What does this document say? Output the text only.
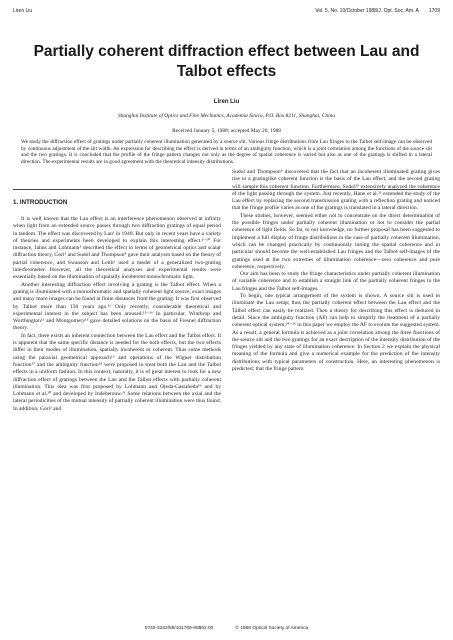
Liren Liu	Vol. 5, No. 10/October 1988/J. Opt. Soc. Am. A 1709
Partially coherent diffraction effect between Lau and Talbot effects
Liren Liu
Shanghai Institute of Optics and Fine Mechanics, Academia Sinica, P.O. Box 8211, Shanghai, China
Received January 5, 1988; accepted May 20, 1988
We study the diffraction effect of gratings under partially coherent illumination generated by a source slit. Various fringe distributions from Lau fringes to the Talbot self-image can be observed by continuous adjustment of the slit width. An expression for describing the effect is derived in terms of an ambiguity function, which is a joint correlation among the functions of the source slit and the two gratings. It is concluded that the profile of the fringe pattern changes not only as the degree of spatial coherence is varied but also as one of the gratings is shifted in a lateral direction. The experimental results are in good agreement with the theoretical intensity distributions.
1. INTRODUCTION

It is well known that the Lau effect is an interference phenomenon observed at infinity when light from an extended source passes through two diffraction gratings of equal period in tandem. The effect was discovered by Lau¹ in 1948. But only in recent years have a variety of theories and experiments been developed to explain this interesting effect.²⁻¹⁰ For instance, Jahns and Lohmann³ described the effect in terms of geometrical optics and scalar diffraction theory, Gori² and Sudol and Thompson⁴ gave their analyses based on the theory of partial coherence, and Swanson and Leith⁵ used a model of a generalized two-grating interferometer. However, all the theoretical analyses and experimental results were essentially based on the illumination of spatially incoherent monochromatic light.

Another interesting diffraction effect involving a grating is the Talbot effect. When a grating is illuminated with a monochromatic and spatially coherent light source, exact images and many more images can be found at finite distances from the grating. It was first observed by Talbot more than 150 years ago.¹¹ Only recently, considerable theoretical and experimental interest in the subject has been aroused.¹²⁻¹⁶ In particular, Winthrop and Worthington¹² and Montgomery¹³ gave detailed solutions on the basis of Fresnel diffraction theory.

In fact, there exists an inherent connection between the Lau effect and the Talbot effect. It is apparent that the same specific distance is needed for the both effects, but the two effects differ in their modes of illumination, spatially incoherent or coherent. Thus some methods using the paraxial geometrical approach¹⁶ and operations of the Wigner distribution function¹⁷ and the ambiguity function¹⁸ were proposed to treat both the Lau and the Talbot effects in a uniform fashion. In this context, naturally, it is of great interest to look for a new diffraction effect of gratings between the Lau and the Talbot effects with partially coherent illumination. This idea was first proposed by Lohmann and Ojeda-Castañeda¹⁹ and by Lohmann et al.²⁰ and developed by Indebetouw.²¹ Some relations between the axial and the lateral periodicities of the mutual intensity of partially coherent illumination were thus found. In addition, Gori² and

Sudol and Thompson⁴ discovered that the fact that an incoherent illuminated grating gives rise to a gratinglike coherent function is the basis of the Lau effect, and the second grating will sample this coherent function. Furthermore, Sudol²² extensively analyzed the coherence of the light passing through the system. Just recently, Hane et al.²³ extended the study of the Lau effect by replacing the second transmission grating with a reflection grating and noticed that the fringe profile varies as one of the gratings is translated in a lateral direction.

These studies, however, seemed either not to concentrate on the direct determination of the possible fringes under partially coherent illumination or not to consider the partial coherence of light fields. So far, to our knowledge, no further proposal has been suggested to implement a full display of fringe distributions in the case of partially coherent illumination, which can be changed practically by continuously tuning the spatial coherence and in particular should become the well-established Lau fringes and the Talbot self-images of the gratings used at the two extremes of illumination coherence—zero coherence and pure coherence, respectively.

Our aim has been to study the fringe characteristics under partially coherent illumination of variable coherence and to establish a straight link of the partially coherent fringes to the Lau fringes and the Talbot self-images.

To begin, one typical arrangement of the system is shown. A source slit is used to illuminate the Lau setup; thus the partially coherent effect between the Lau effect and the Talbot effect can easily be realized. Then a theory for describing this effect is deduced in detail. Since the ambiguity function (AF) can help to simplify the treatment of a partially coherent optical system,²⁴⁻²⁶ in this paper we employ the AF to evolute the suggested system. As a result, a general formula is achieved as a joint correlation among the three functions of the source slit and the two gratings for an exact description of the intensity distribution of the fringes yielded by any state of illumination coherence. In Section 2 we explain the physical meaning of the formula and give a numerical example for the prediction of the intensity distributions with typical parameters of construction. Here, an interesting phenomenon is predicted; that the fringe pattern

0740-3232/88/101709-08$02.00	© 1988 Optical Society of America
